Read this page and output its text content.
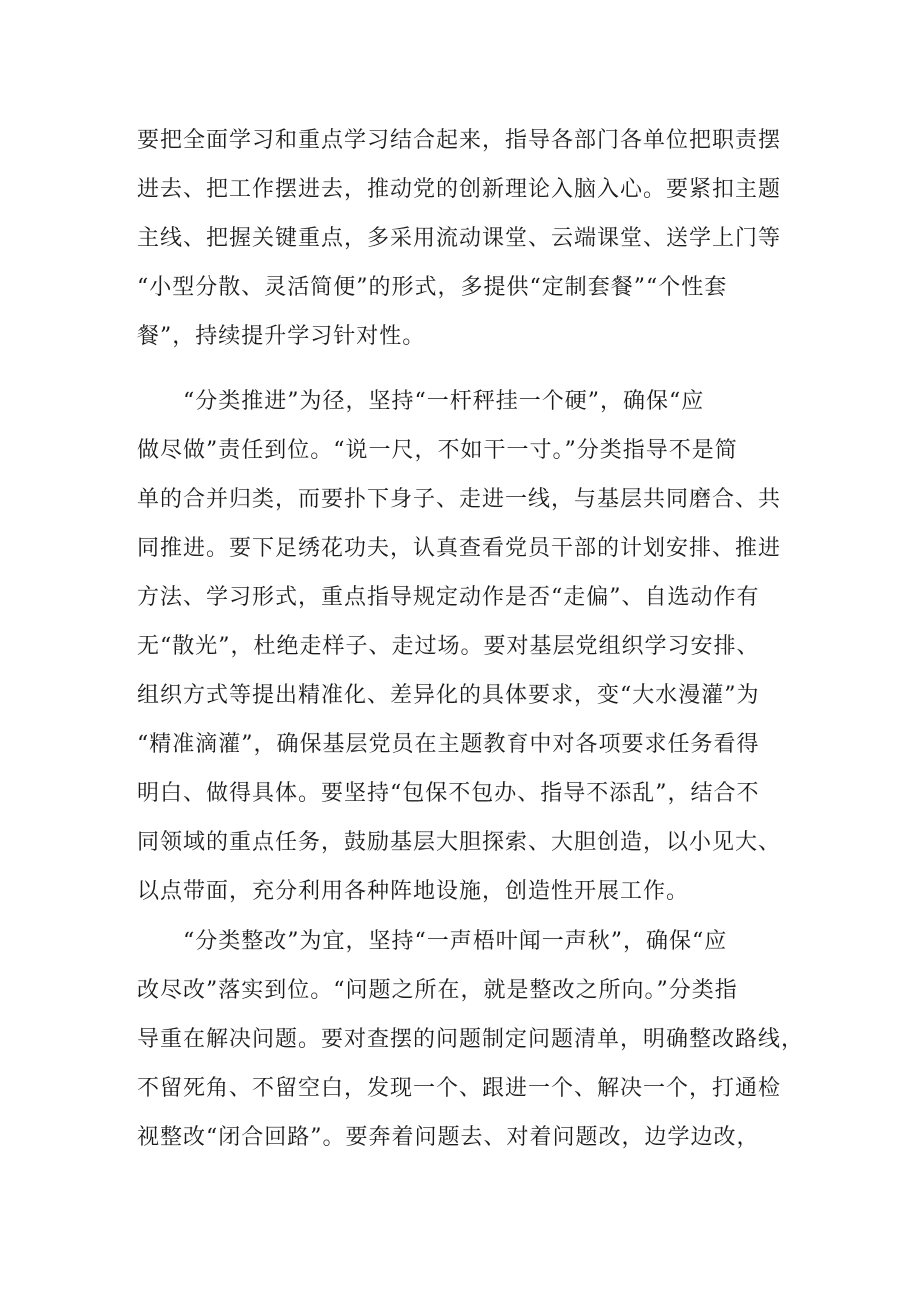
要把全面学习和重点学习结合起来，指导各部门各单位把职责摆
进去、把工作摆进去，推动党的创新理论入脑入心。要紧扣主题
主线、把握关键重点，多采用流动课堂、云端课堂、送学上门等
“小型分散、灵活简便”的形式，多提供“定制套餐”“个性套
餐”，持续提升学习针对性。
“分类推进”为径，坚持“一杆秤挂一个硬”，确保“应
做尽做”责任到位。“说一尺，不如干一寸。”分类指导不是简
单的合并归类，而要扑下身子、走进一线，与基层共同磨合、共
同推进。要下足绣花功夫，认真查看党员干部的计划安排、推进
方法、学习形式，重点指导规定动作是否“走偏”、自选动作有
无“散光”，杜绝走样子、走过场。要对基层党组织学习安排、
组织方式等提出精准化、差异化的具体要求，变“大水漫灌”为
“精准滴灌”，确保基层党员在主题教育中对各项要求任务看得
明白、做得具体。要坚持“包保不包办、指导不添乱”，结合不
同领域的重点任务，鼓励基层大胆探索、大胆创造，以小见大、
以点带面，充分利用各种阵地设施，创造性开展工作。
“分类整改”为宜，坚持“一声梧叶闻一声秋”，确保“应
改尽改”落实到位。“问题之所在，就是整改之所向。”分类指
导重在解决问题。要对查摆的问题制定问题清单，明确整改路线，
不留死角、不留空白，发现一个、跟进一个、解决一个，打通检
视整改“闭合回路”。要奔着问题去、对着问题改，边学边改，
